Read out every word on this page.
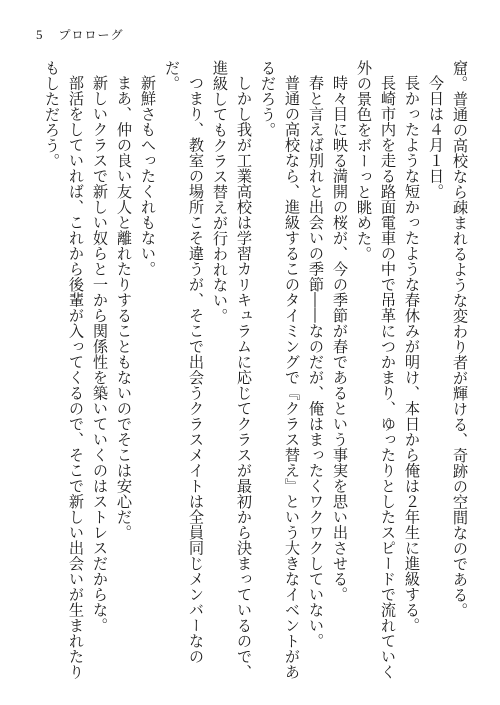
5 プロローグ

窟。普通の高校なら疎まれるような変わり者が輝ける、奇跡の空間なのである。

今日は４月１日。

長かったような短かったような春休みが明け、本日から俺は２年生に進級する。

長崎市内を走る路面電車の中で吊革につかまり、ゆったりとしたスピードで流れていく

外の景色をボーっと眺めた。

時々目に映る満開の桜が、今の季節が春であるという事実を思い出させる。

春と言えば別れと出会いの季節――なのだが、俺はまったくワクワクしていない。

普通の高校なら、進級するこのタイミングで『クラス替え』という大きなイベントがあ

るだろう。

しかし我が工業高校は学習カリキュラムに応じてクラスが最初から決まっているので、

進級してもクラス替えが行われない。

つまり、教室の場所こそ違うが、そこで出会うクラスメイトは全員同じメンバーなのだ。

新鮮さもへったくれもない。

まあ、仲の良い友人と離れたりすることもないのでそこは安心だ。

新しいクラスで新しい奴らと一から関係性を築いていくのはストレスだからな。

部活をしていれば、これから後輩が入ってくるので、そこで新しい出会いが生まれたり

もしただろう。
